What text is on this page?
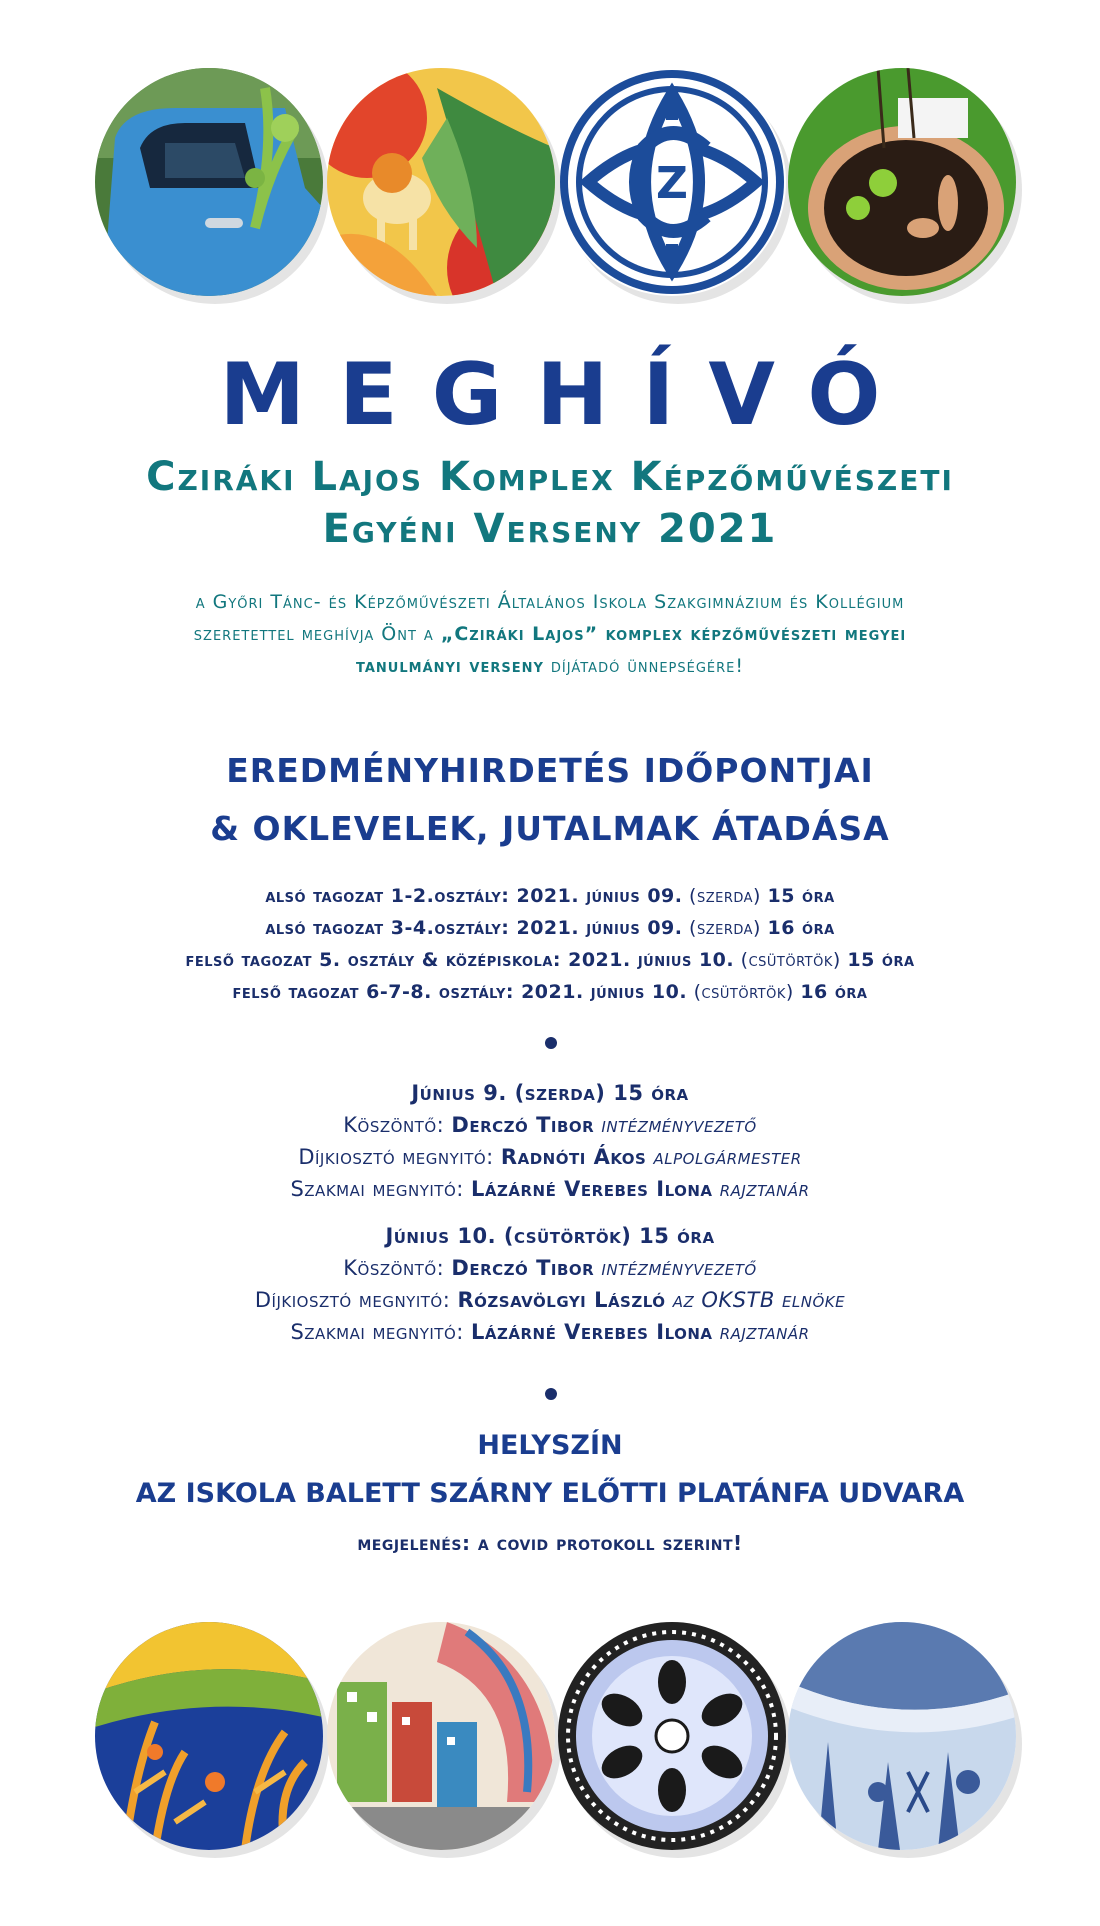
Z
MEGHÍVÓ
Cziráki Lajos Komplex Képzőművészeti
Egyéni Verseny 2021
a Győri Tánc- és Képzőművészeti Általános Iskola Szakgimnázium és Kollégium
szeretettel meghívja Önt a „Cziráki Lajos” komplex képzőművészeti megyei
tanulmányi verseny díjátadó ünnepségére!
EREDMÉNYHIRDETÉS IDŐPONTJAI
& OKLEVELEK, JUTALMAK ÁTADÁSA
alsó tagozat 1-2.osztály: 2021. június 09. (szerda) 15 óra
alsó tagozat 3-4.osztály: 2021. június 09. (szerda) 16 óra
felső tagozat 5. osztály & középiskola: 2021. június 10. (csütörtök) 15 óra
felső tagozat 6-7-8. osztály: 2021. június 10. (csütörtök) 16 óra
Június 9. (szerda) 15 óra
Köszöntő: Derczó Tibor intézményvezető
Díjkiosztó megnyitó: Radnóti Ákos alpolgármester
Szakmai megnyitó: Lázárné Verebes Ilona rajztanár
Június 10. (csütörtök) 15 óra
Köszöntő: Derczó Tibor intézményvezető
Díjkiosztó megnyitó: Rózsavölgyi László az OKSTB elnöke
Szakmai megnyitó: Lázárné Verebes Ilona rajztanár
HELYSZÍN
AZ ISKOLA BALETT SZÁRNY ELŐTTI PLATÁNFA UDVARA
megjelenés: a covid protokoll szerint!
